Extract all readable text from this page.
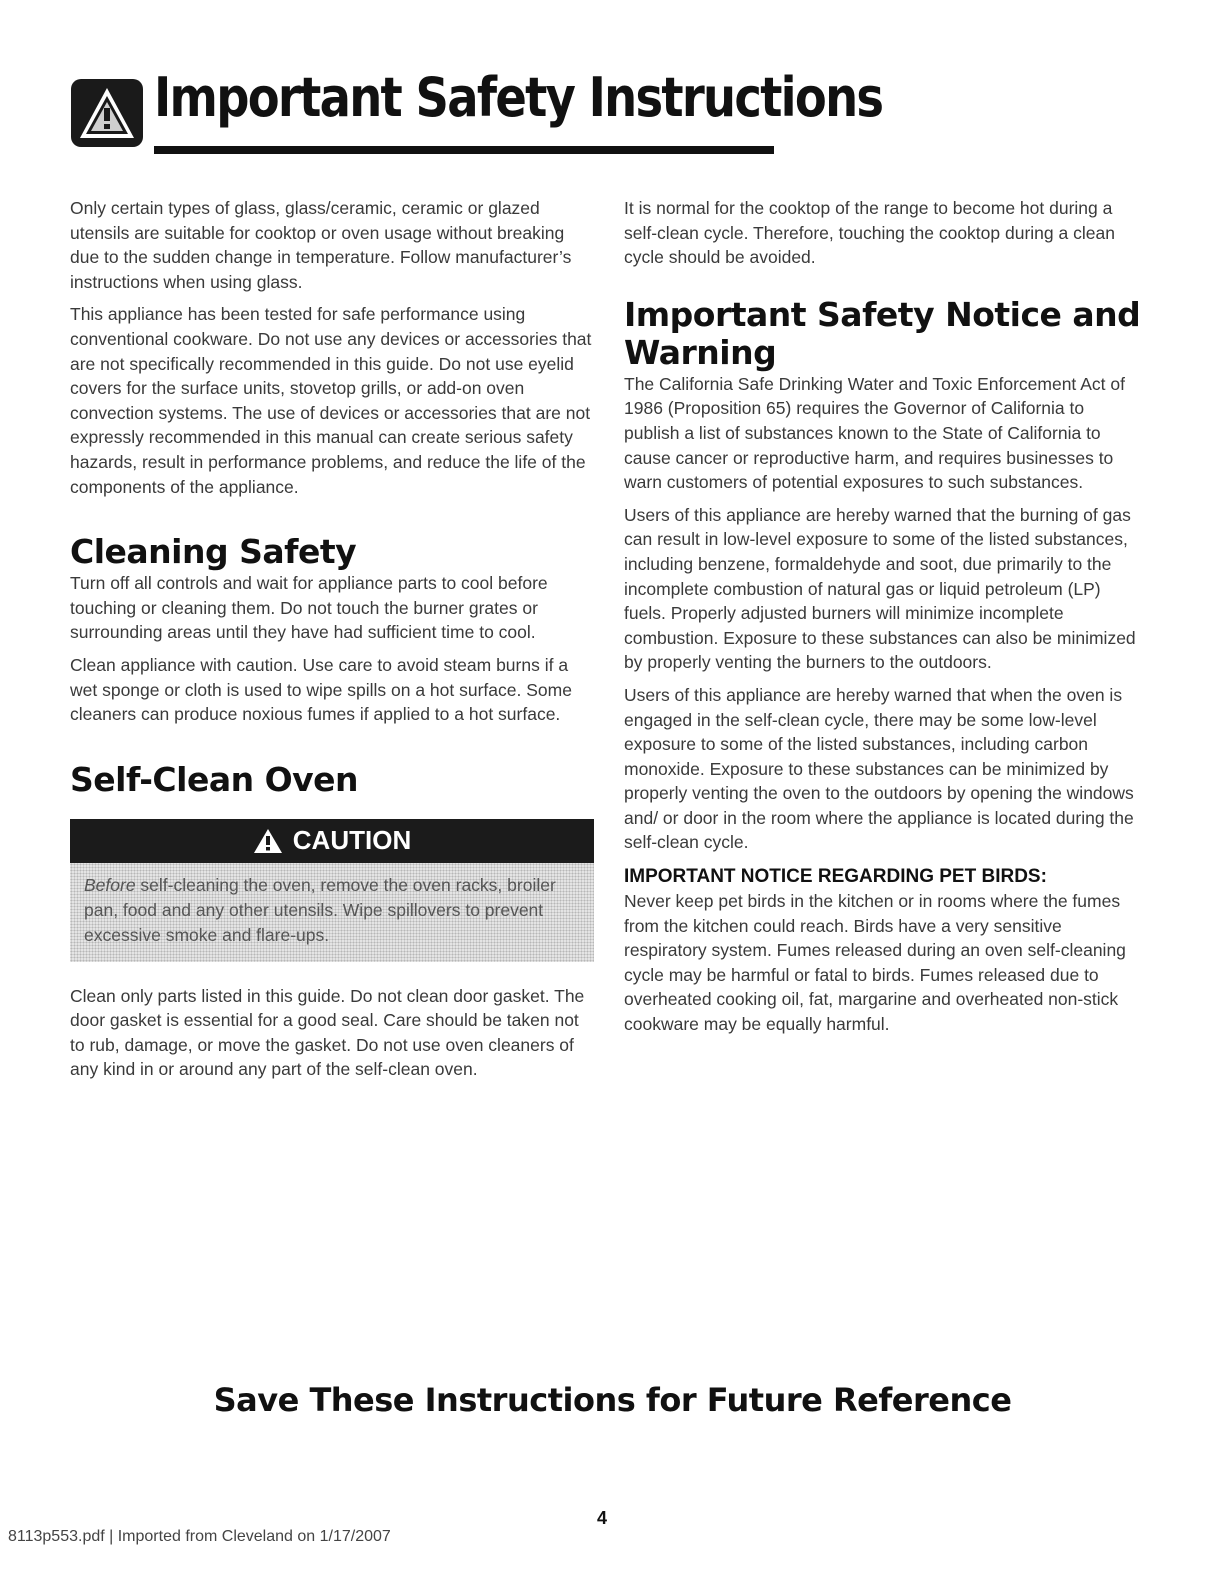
Important Safety Instructions

Only certain types of glass, glass/ceramic, ceramic or glazed utensils are suitable for cooktop or oven usage without breaking due to the sudden change in temperature. Follow manufacturer’s instructions when using glass.

This appliance has been tested for safe performance using conventional cookware. Do not use any devices or accessories that are not specifically recommended in this guide. Do not use eyelid covers for the surface units, stovetop grills, or add-on oven convection systems. The use of devices or accessories that are not expressly recommended in this manual can create serious safety hazards, result in performance problems, and reduce the life of the components of the appliance.

Cleaning Safety

Turn off all controls and wait for appliance parts to cool before touching or cleaning them. Do not touch the burner grates or surrounding areas until they have had sufficient time to cool.

Clean appliance with caution. Use care to avoid steam burns if a wet sponge or cloth is used to wipe spills on a hot surface. Some cleaners can produce noxious fumes if applied to a hot surface.

Self-Clean Oven
CAUTION
Before self-cleaning the oven, remove the oven racks, broiler pan, food and any other utensils. Wipe spillovers to prevent excessive smoke and flare-ups.

Clean only parts listed in this guide. Do not clean door gasket. The door gasket is essential for a good seal. Care should be taken not to rub, damage, or move the gasket. Do not use oven cleaners of any kind in or around any part of the self-clean oven.

It is normal for the cooktop of the range to become hot during a self-clean cycle. Therefore, touching the cooktop during a clean cycle should be avoided.

Important Safety Notice and Warning

The California Safe Drinking Water and Toxic Enforcement Act of 1986 (Proposition 65) requires the Governor of California to publish a list of substances known to the State of California to cause cancer or reproductive harm, and requires businesses to warn customers of potential exposures to such substances.

Users of this appliance are hereby warned that the burning of gas can result in low-level exposure to some of the listed substances, including benzene, formaldehyde and soot, due primarily to the incomplete combustion of natural gas or liquid petroleum (LP) fuels. Properly adjusted burners will minimize incomplete combustion. Exposure to these substances can also be minimized by properly venting the burners to the outdoors.

Users of this appliance are hereby warned that when the oven is engaged in the self-clean cycle, there may be some low-level exposure to some of the listed substances, including carbon monoxide. Exposure to these substances can be minimized by properly venting the oven to the outdoors by opening the windows and/ or door in the room where the appliance is located during the self-clean cycle.

IMPORTANT NOTICE REGARDING PET BIRDS:

Never keep pet birds in the kitchen or in rooms where the fumes from the kitchen could reach. Birds have a very sensitive respiratory system. Fumes released during an oven self-cleaning cycle may be harmful or fatal to birds. Fumes released due to overheated cooking oil, fat, margarine and overheated non-stick cookware may be equally harmful.

Save These Instructions for Future Reference
4
8113p553.pdf | Imported from Cleveland on 1/17/2007
